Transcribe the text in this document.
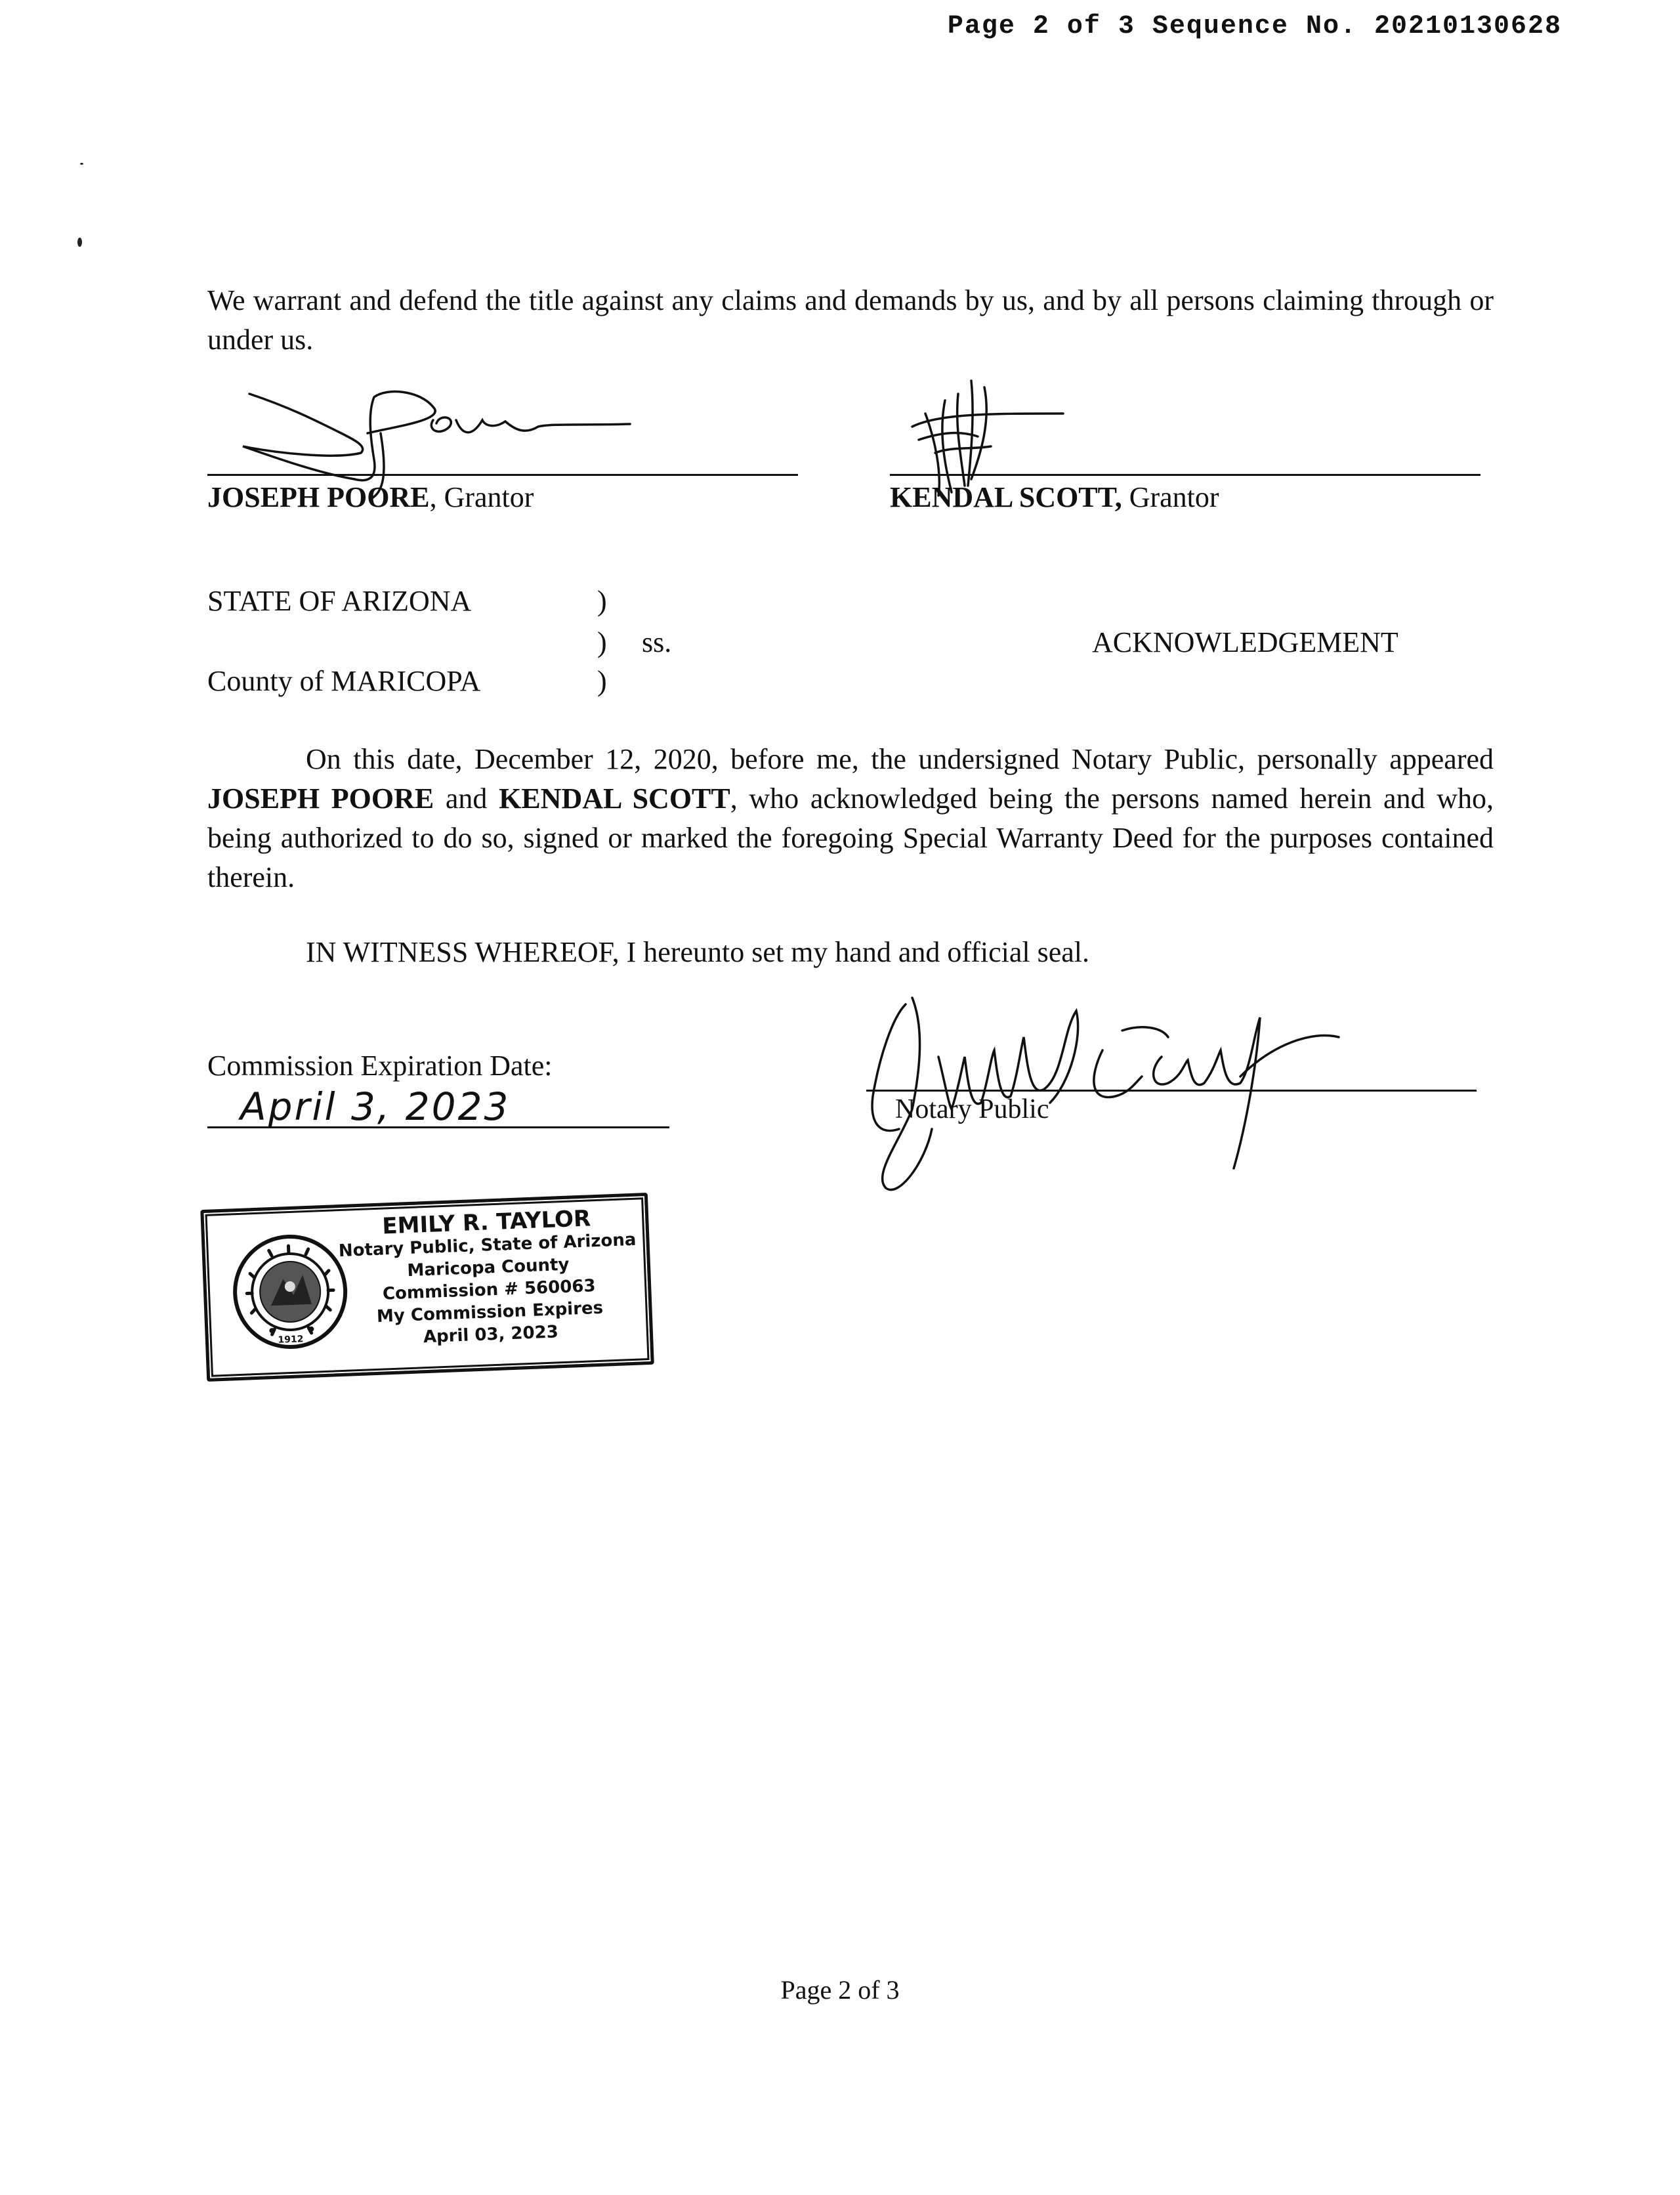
Page 2 of 3 Sequence No. 20210130628
We warrant and defend the title against any claims and demands by us, and by all persons claiming through or under us.
JOSEPH POORE, Grantor	KENDAL SCOTT, Grantor
STATE OF ARIZONA	)
) ss.	ACKNOWLEDGEMENT
County of MARICOPA	)
On this date, December 12, 2020, before me, the undersigned Notary Public, personally appeared JOSEPH POORE and KENDAL SCOTT, who acknowledged being the persons named herein and who, being authorized to do so, signed or marked the foregoing Special Warranty Deed for the purposes contained therein.
IN WITNESS WHEREOF, I hereunto set my hand and official seal.
Commission Expiration Date:
April 3, 2023	Notary Public
1912
EMILY R. TAYLOR
Notary Public, State of Arizona
Maricopa County
Commission # 560063
My Commission Expires
April 03, 2023
Page 2 of 3
